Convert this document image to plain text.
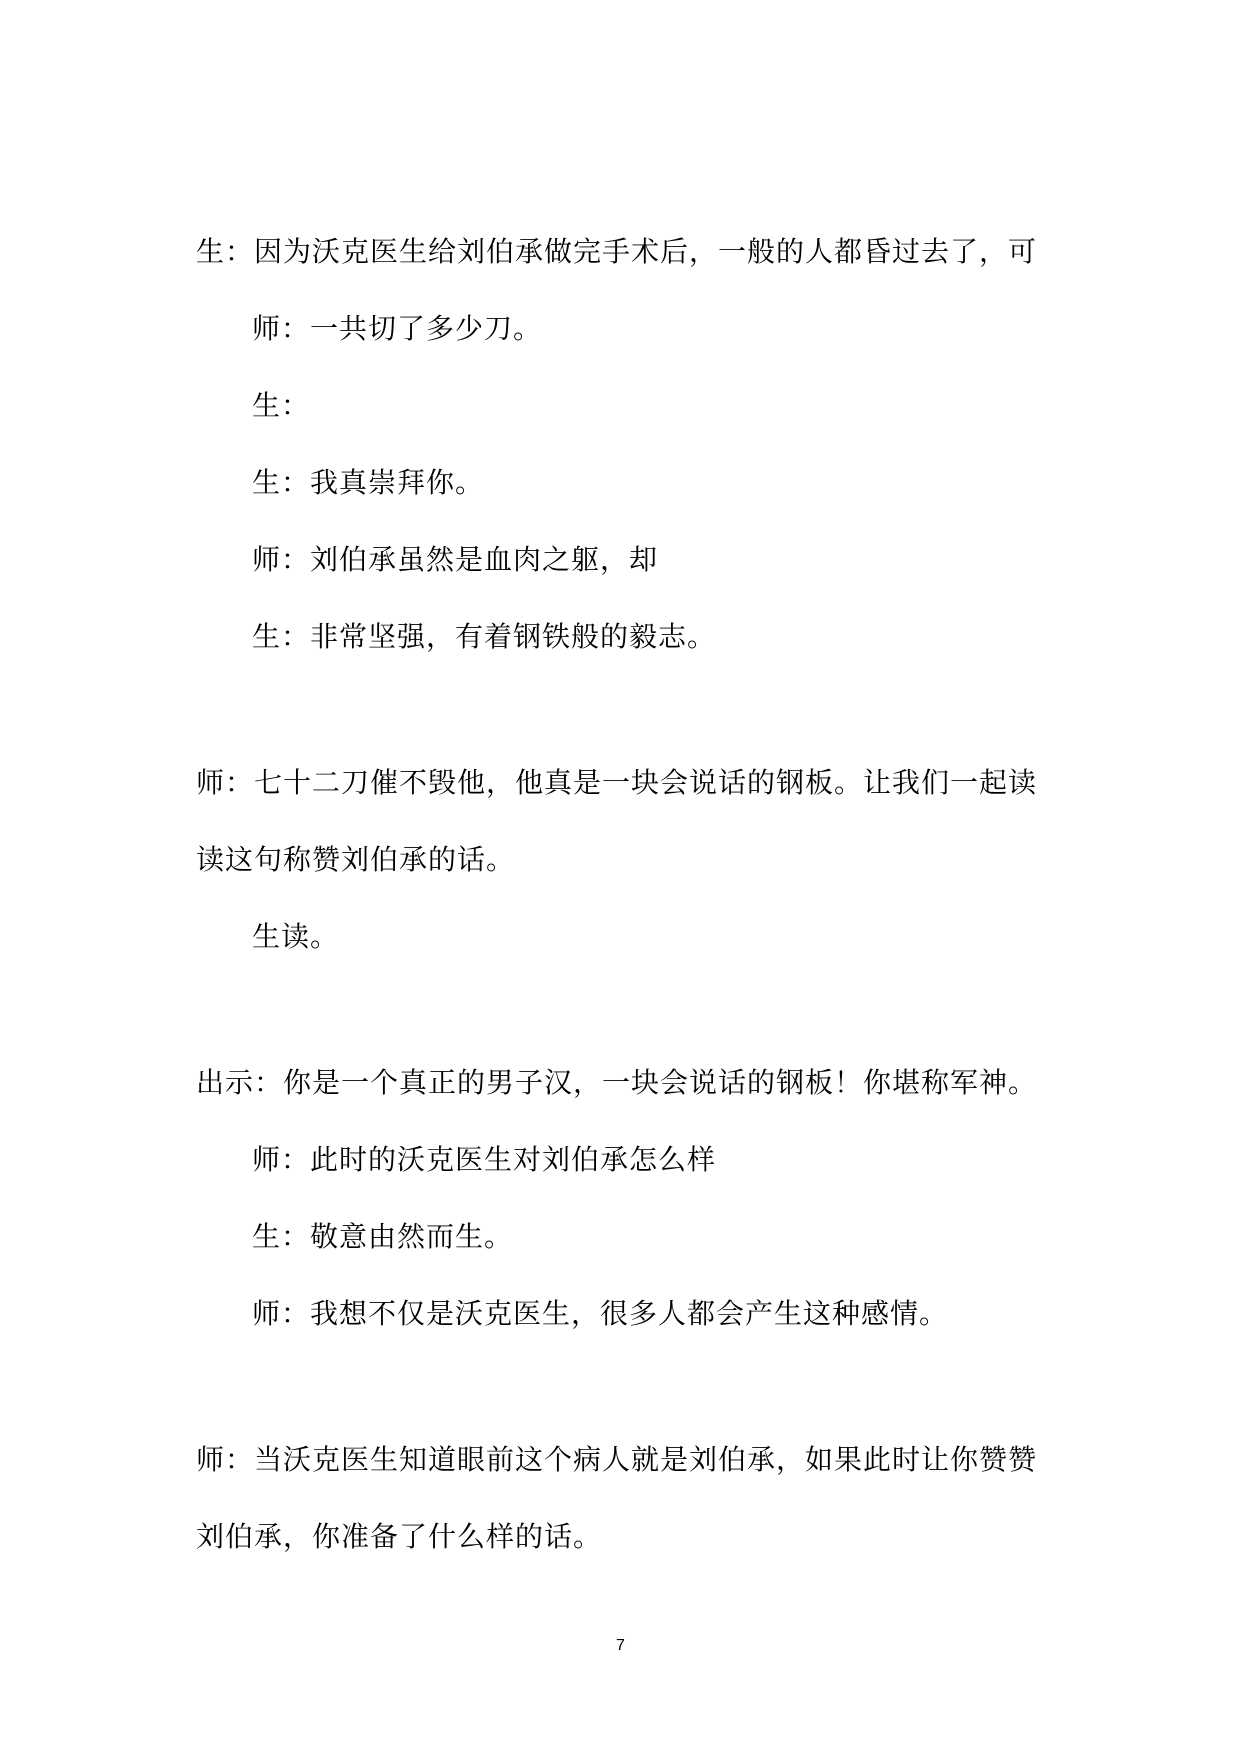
生：因为沃克医生给刘伯承做完手术后，一般的人都昏过去了，可
师：一共切了多少刀。
生：
生：我真崇拜你。
师：刘伯承虽然是血肉之躯，却
生：非常坚强，有着钢铁般的毅志。
师：七十二刀催不毁他，他真是一块会说话的钢板。让我们一起读
读这句称赞刘伯承的话。
生读。
出示：你是一个真正的男子汉，一块会说话的钢板！你堪称军神。
师：此时的沃克医生对刘伯承怎么样
生：敬意由然而生。
师：我想不仅是沃克医生，很多人都会产生这种感情。
师：当沃克医生知道眼前这个病人就是刘伯承，如果此时让你赞赞
刘伯承，你准备了什么样的话。
7
